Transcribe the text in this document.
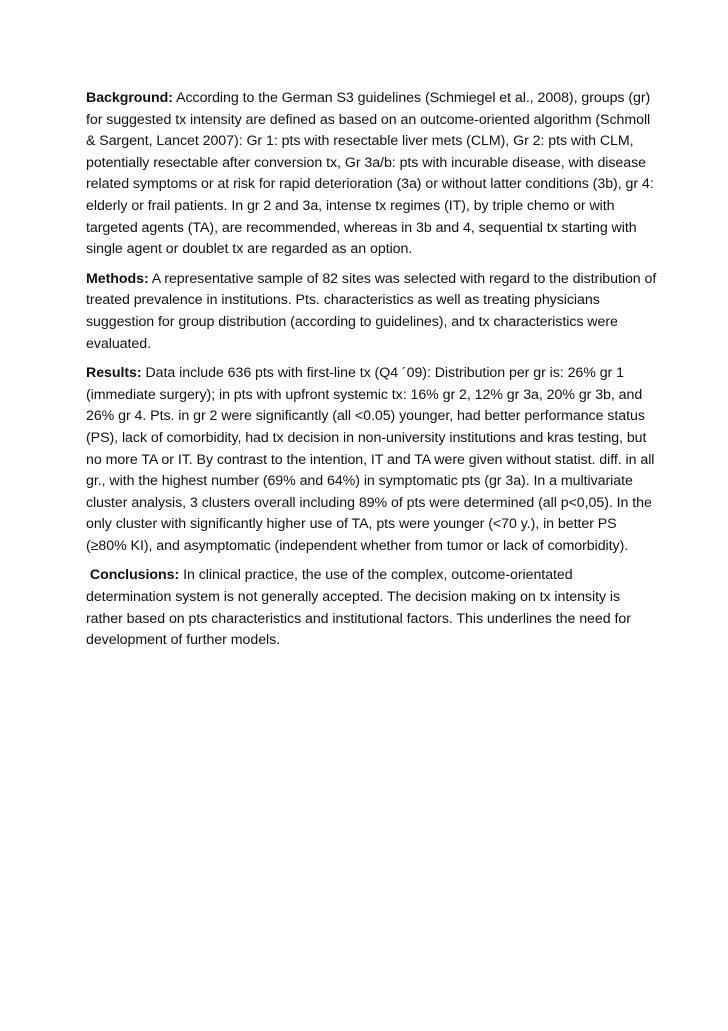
Background: According to the German S3 guidelines (Schmiegel et al., 2008), groups (gr) for suggested tx intensity are defined as based on an outcome-oriented algorithm (Schmoll & Sargent, Lancet 2007): Gr 1: pts with resectable liver mets (CLM), Gr 2: pts with CLM, potentially resectable after conversion tx, Gr 3a/b: pts with incurable disease, with disease related symptoms or at risk for rapid deterioration (3a) or without latter conditions (3b), gr 4: elderly or frail patients. In gr 2 and 3a, intense tx regimes (IT), by triple chemo or with targeted agents (TA), are recommended, whereas in 3b and 4, sequential tx starting with single agent or doublet tx are regarded as an option.

Methods: A representative sample of 82 sites was selected with regard to the distribution of treated prevalence in institutions. Pts. characteristics as well as treating physicians suggestion for group distribution (according to guidelines), and tx characteristics were evaluated.

Results: Data include 636 pts with first-line tx (Q4 ´09): Distribution per gr is: 26% gr 1 (immediate surgery); in pts with upfront systemic tx: 16% gr 2, 12% gr 3a, 20% gr 3b, and 26% gr 4. Pts. in gr 2 were significantly (all <0.05) younger, had better performance status (PS), lack of comorbidity, had tx decision in non-university institutions and kras testing, but no more TA or IT. By contrast to the intention, IT and TA were given without statist. diff. in all gr., with the highest number (69% and 64%) in symptomatic pts (gr 3a). In a multivariate cluster analysis, 3 clusters overall including 89% of pts were determined (all p<0,05). In the only cluster with significantly higher use of TA, pts were younger (<70 y.), in better PS (≥80% KI), and asymptomatic (independent whether from tumor or lack of comorbidity).

Conclusions: In clinical practice, the use of the complex, outcome-orientated determination system is not generally accepted. The decision making on tx intensity is rather based on pts characteristics and institutional factors. This underlines the need for development of further models.
